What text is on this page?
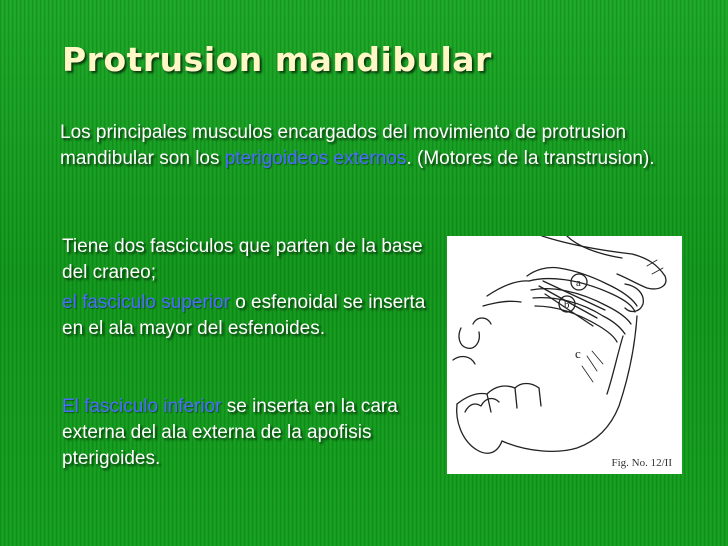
Protrusion mandibular
Los principales musculos encargados del movimiento de protrusion mandibular son los pterigoideos externos. (Motores de la transtrusion).
Tiene dos fasciculos que parten de la base del craneo;
el fasciculo superior o esfenoidal se inserta en el ala mayor del esfenoides.
El fasciculo inferior se inserta en la cara externa del ala externa de la apofisis pterigoides.
a
b
c
Fig. No. 12/II
